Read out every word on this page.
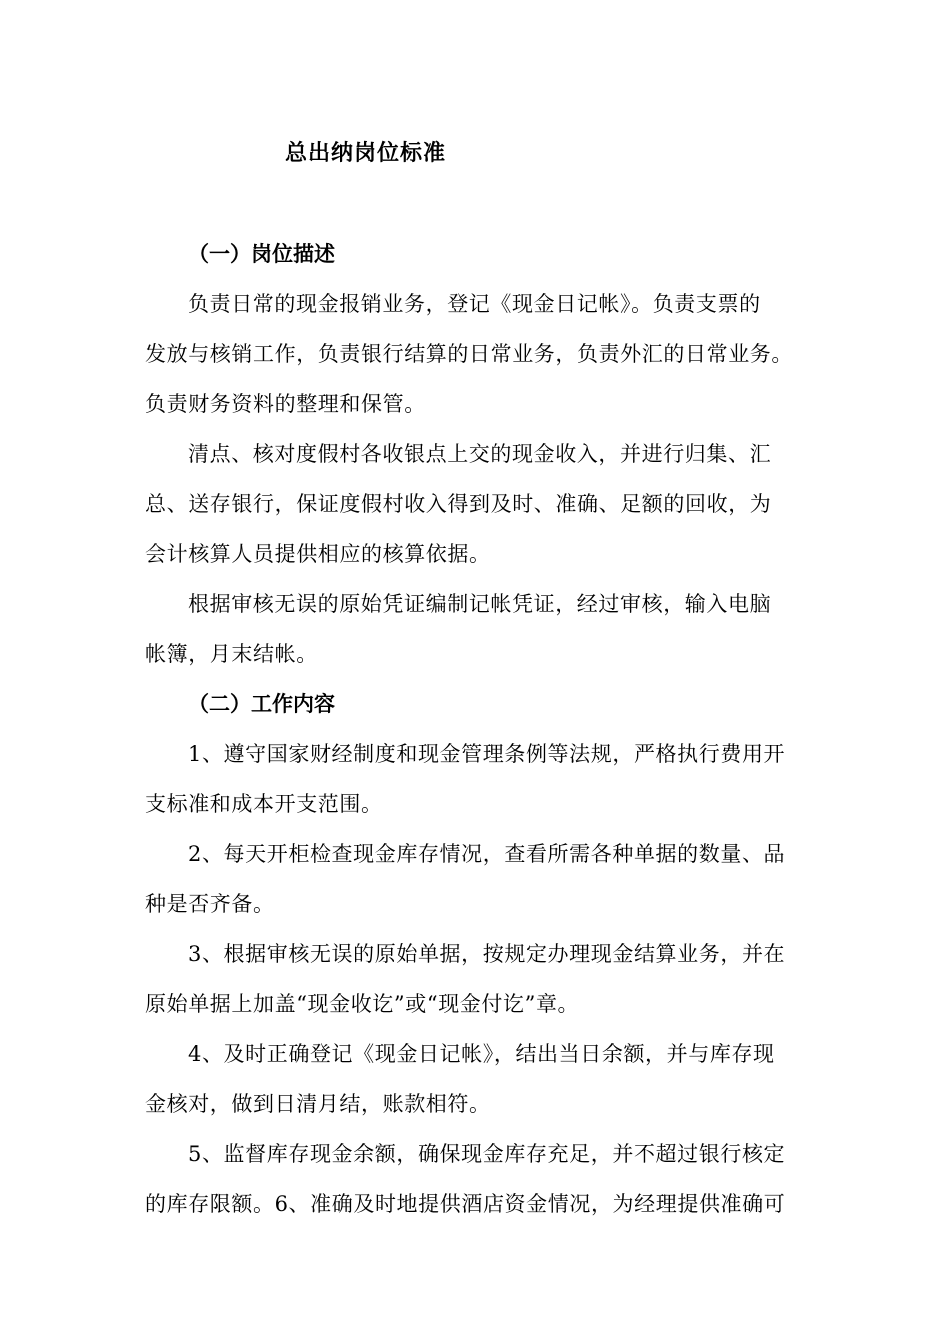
总出纳岗位标准
（一）岗位描述
负责日常的现金报销业务，登记《现金日记帐》。负责支票的
发放与核销工作，负责银行结算的日常业务，负责外汇的日常业务。
负责财务资料的整理和保管。
清点、核对度假村各收银点上交的现金收入，并进行归集、汇
总、送存银行，保证度假村收入得到及时、准确、足额的回收，为
会计核算人员提供相应的核算依据。
根据审核无误的原始凭证编制记帐凭证，经过审核，输入电脑
帐簿，月末结帐。
（二）工作内容
1、遵守国家财经制度和现金管理条例等法规，严格执行费用开
支标准和成本开支范围。
2、每天开柜检查现金库存情况，查看所需各种单据的数量、品
种是否齐备。
3、根据审核无误的原始单据，按规定办理现金结算业务，并在
原始单据上加盖“现金收讫”或“现金付讫”章。
4、及时正确登记《现金日记帐》，结出当日余额，并与库存现
金核对，做到日清月结，账款相符。
5、监督库存现金余额，确保现金库存充足，并不超过银行核定
的库存限额。6、准确及时地提供酒店资金情况，为经理提供准确可
